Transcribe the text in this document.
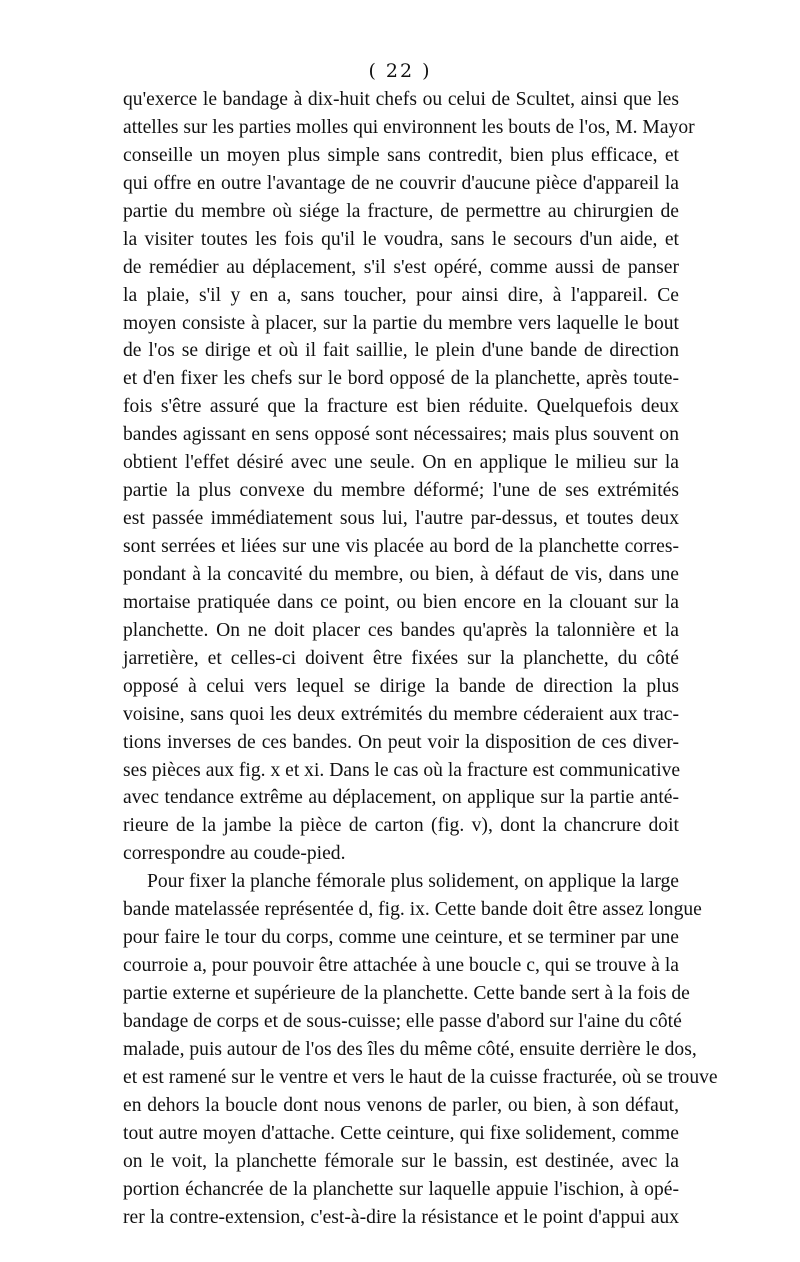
( 22 )
qu'exerce le bandage à dix-huit chefs ou celui de Scultet, ainsi que les
attelles sur les parties molles qui environnent les bouts de l'os, M. Mayor
conseille un moyen plus simple sans contredit, bien plus efficace, et
qui offre en outre l'avantage de ne couvrir d'aucune pièce d'appareil la
partie du membre où siége la fracture, de permettre au chirurgien de
la visiter toutes les fois qu'il le voudra, sans le secours d'un aide, et
de remédier au déplacement, s'il s'est opéré, comme aussi de panser
la plaie, s'il y en a, sans toucher, pour ainsi dire, à l'appareil. Ce
moyen consiste à placer, sur la partie du membre vers laquelle le bout
de l'os se dirige et où il fait saillie, le plein d'une bande de direction
et d'en fixer les chefs sur le bord opposé de la planchette, après toute-
fois s'être assuré que la fracture est bien réduite. Quelquefois deux
bandes agissant en sens opposé sont nécessaires; mais plus souvent on
obtient l'effet désiré avec une seule. On en applique le milieu sur la
partie la plus convexe du membre déformé; l'une de ses extrémités
est passée immédiatement sous lui, l'autre par-dessus, et toutes deux
sont serrées et liées sur une vis placée au bord de la planchette corres-
pondant à la concavité du membre, ou bien, à défaut de vis, dans une
mortaise pratiquée dans ce point, ou bien encore en la clouant sur la
planchette. On ne doit placer ces bandes qu'après la talonnière et la
jarretière, et celles-ci doivent être fixées sur la planchette, du côté
opposé à celui vers lequel se dirige la bande de direction la plus
voisine, sans quoi les deux extrémités du membre céderaient aux trac-
tions inverses de ces bandes. On peut voir la disposition de ces diver-
ses pièces aux fig. x et xi. Dans le cas où la fracture est communicative
avec tendance extrême au déplacement, on applique sur la partie anté-
rieure de la jambe la pièce de carton (fig. v), dont la chancrure doit
correspondre au coude-pied.
Pour fixer la planche fémorale plus solidement, on applique la large
bande matelassée représentée d, fig. ix. Cette bande doit être assez longue
pour faire le tour du corps, comme une ceinture, et se terminer par une
courroie a, pour pouvoir être attachée à une boucle c, qui se trouve à la
partie externe et supérieure de la planchette. Cette bande sert à la fois de
bandage de corps et de sous-cuisse; elle passe d'abord sur l'aine du côté
malade, puis autour de l'os des îles du même côté, ensuite derrière le dos,
et est ramené sur le ventre et vers le haut de la cuisse fracturée, où se trouve
en dehors la boucle dont nous venons de parler, ou bien, à son défaut,
tout autre moyen d'attache. Cette ceinture, qui fixe solidement, comme
on le voit, la planchette fémorale sur le bassin, est destinée, avec la
portion échancrée de la planchette sur laquelle appuie l'ischion, à opé-
rer la contre-extension, c'est-à-dire la résistance et le point d'appui aux
